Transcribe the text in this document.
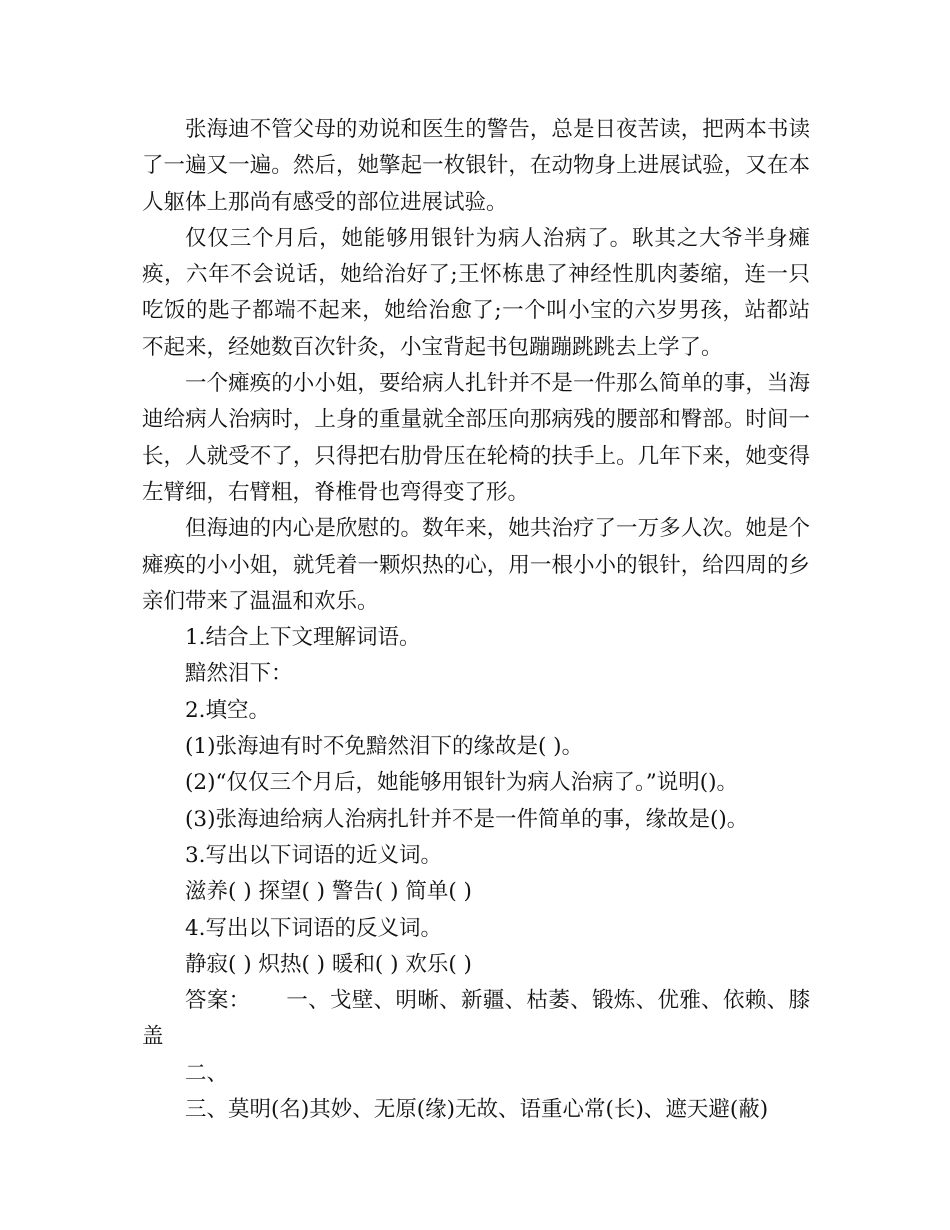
张海迪不管父母的劝说和医生的警告，总是日夜苦读，把两本书读了一遍又一遍。然后，她擎起一枚银针，在动物身上进展试验，又在本人躯体上那尚有感受的部位进展试验。

仅仅三个月后，她能够用银针为病人治病了。耿其之大爷半身瘫痪，六年不会说话，她给治好了;王怀栋患了神经性肌肉萎缩，连一只吃饭的匙子都端不起来，她给治愈了;一个叫小宝的六岁男孩，站都站不起来，经她数百次针灸，小宝背起书包蹦蹦跳跳去上学了。

一个瘫痪的小小姐，要给病人扎针并不是一件那么简单的事，当海迪给病人治病时，上身的重量就全部压向那病残的腰部和臀部。时间一长，人就受不了，只得把右肋骨压在轮椅的扶手上。几年下来，她变得左臂细，右臂粗，脊椎骨也弯得变了形。

但海迪的内心是欣慰的。数年来，她共治疗了一万多人次。她是个瘫痪的小小姐，就凭着一颗炽热的心，用一根小小的银针，给四周的乡亲们带来了温温和欢乐。

1.结合上下文理解词语。

黯然泪下：

2.填空。

(1)张海迪有时不免黯然泪下的缘故是( )。

(2)“仅仅三个月后，她能够用银针为病人治病了。”说明()。

(3)张海迪给病人治病扎针并不是一件简单的事，缘故是()。

3.写出以下词语的近义词。

滋养( ) 探望( ) 警告( ) 简单( )

4.写出以下词语的反义词。

静寂( ) 炽热( ) 暖和( ) 欢乐( )

答案： 一、戈壁、明晰、新疆、枯萎、锻炼、优雅、依赖、膝盖

二、

三、莫明(名)其妙、无原(缘)无故、语重心常(长)、遮天避(蔽)
